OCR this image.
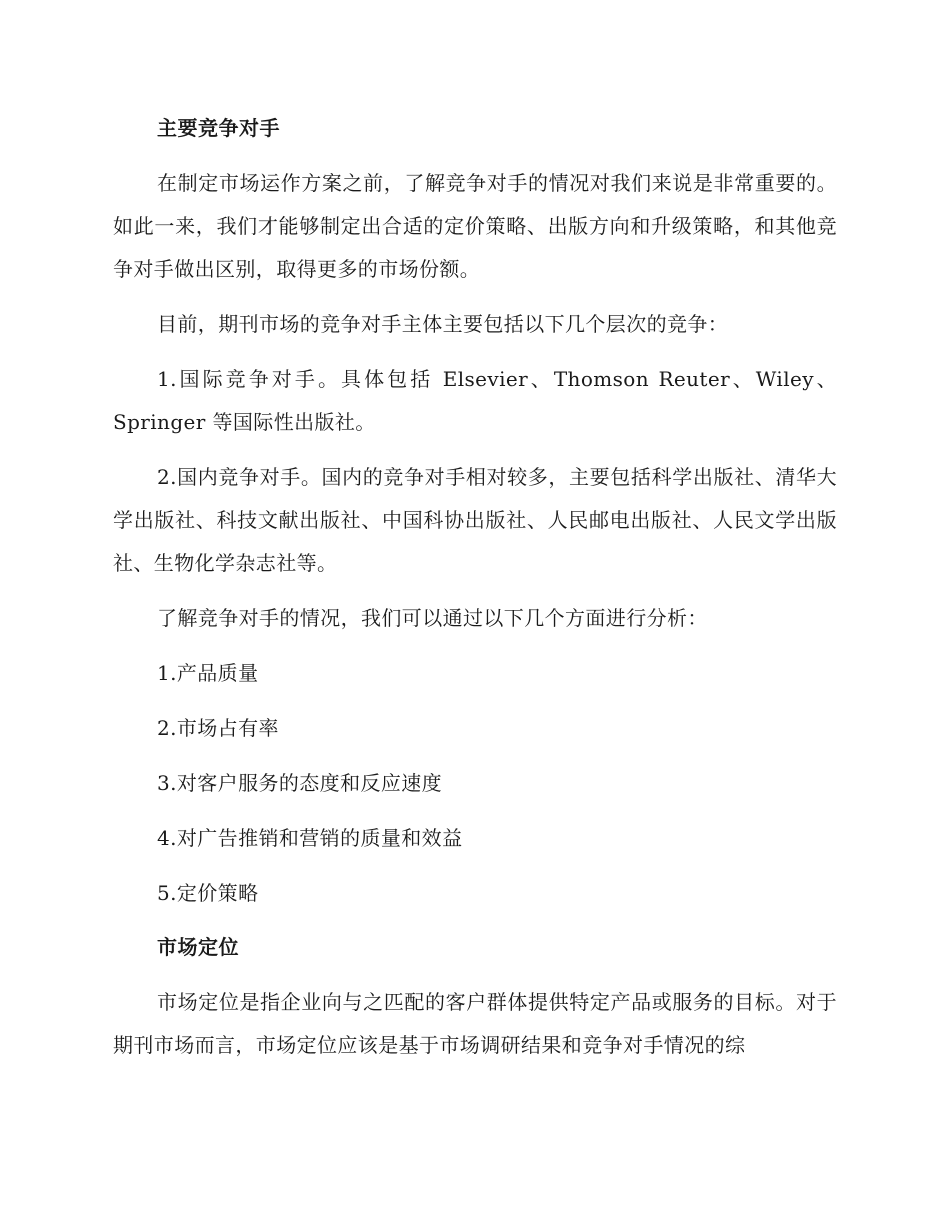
主要竞争对手

在制定市场运作方案之前，了解竞争对手的情况对我们来说是非常重要的。如此一来，我们才能够制定出合适的定价策略、出版方向和升级策略，和其他竞争对手做出区别，取得更多的市场份额。

目前，期刊市场的竞争对手主体主要包括以下几个层次的竞争：

1.国际竞争对手。具体包括 Elsevier、Thomson Reuter、Wiley、Springer 等国际性出版社。

2.国内竞争对手。国内的竞争对手相对较多，主要包括科学出版社、清华大学出版社、科技文献出版社、中国科协出版社、人民邮电出版社、人民文学出版社、生物化学杂志社等。

了解竞争对手的情况，我们可以通过以下几个方面进行分析：

1.产品质量
2.市场占有率
3.对客户服务的态度和反应速度
4.对广告推销和营销的质量和效益
5.定价策略
市场定位

市场定位是指企业向与之匹配的客户群体提供特定产品或服务的目标。对于期刊市场而言，市场定位应该是基于市场调研结果和竞争对手情况的综
